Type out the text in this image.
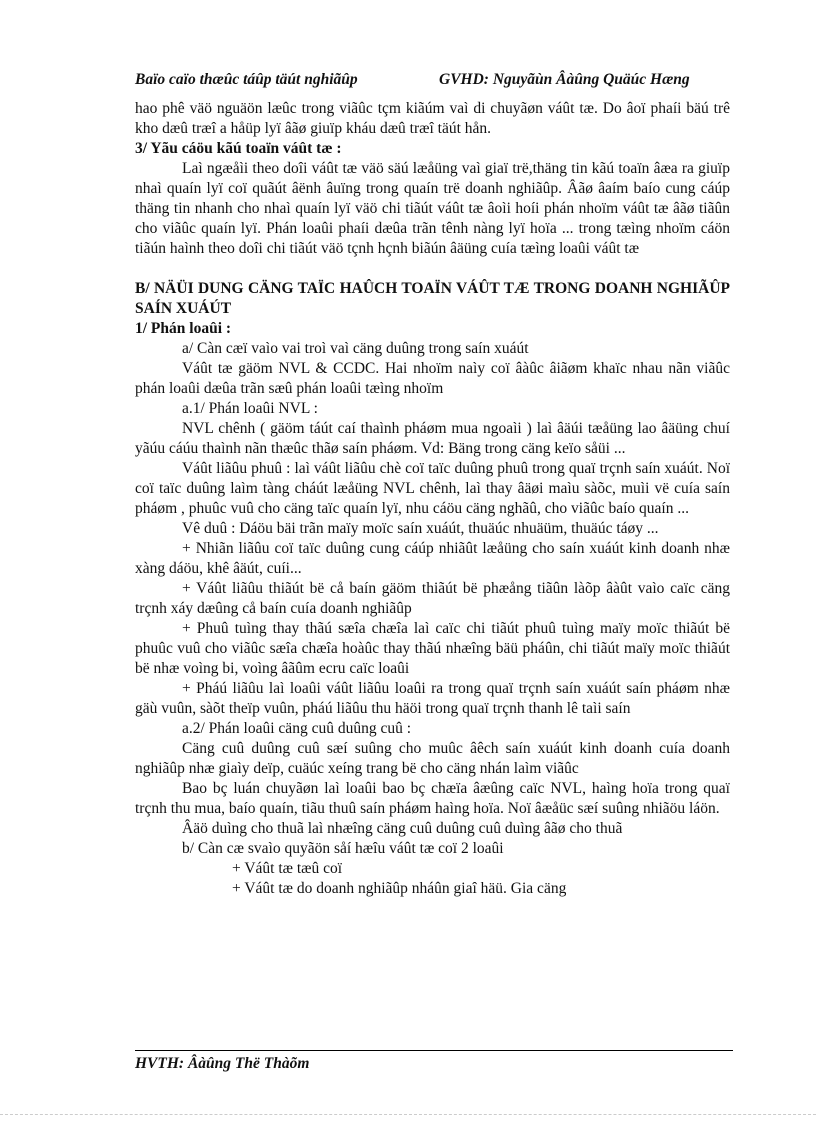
Baïo caïo thæûc táûp täút nghiãûp	GVHD: Nguyãùn Âàûng Quäúc Hæng

hao phê väö nguäön læûc trong viãûc tçm kiãúm vaì di chuyãøn váût tæ. Do âoï phaíi bäú trê kho dæû træî a håüp lyï âãø giuïp kháu dæû træî täút hån.

3/ Yãu cáöu kãú toaïn váût tæ :

Laì ngæåìi theo doîi váût tæ väö säú læåüng vaì giaï trë,thäng tin kãú toaïn âæa ra giuïp nhaì quaín lyï coï quãút âënh âuïng trong quaín trë doanh nghiãûp. Âãø âaím baío cung cáúp thäng tin nhanh cho nhaì quaín lyï väö chi tiãút váût tæ âoìi hoíi phán nhoïm váût tæ âãø tiãûn cho viãûc quaín lyï. Phán loaûi phaíi dæûa trãn tênh nàng lyï hoïa ... trong tæìng nhoïm cáön tiãún haình theo doîi chi tiãút väö tçnh hçnh biãún âäüng cuía tæìng loaûi váût tæ

B/ NÄÜI DUNG CÄNG TAÏC HAÛCH TOAÏN VÁÛT TÆ TRONG DOANH NGHIÃÛP SAÍN XUÁÚT

1/ Phán loaûi :

a/ Càn cæï vaìo vai troì vaì cäng duûng trong saín xuáút

Váût tæ gäöm NVL & CCDC. Hai nhoïm naìy coï âàûc âiãøm khaïc nhau nãn viãûc phán loaûi dæûa trãn sæû phán loaûi tæìng nhoïm

a.1/ Phán loaûi NVL :

NVL chênh ( gäöm táút caí thaình pháøm mua ngoaìi ) laì âäúi tæåüng lao âäüng chuí yãúu cáúu thaình nãn thæûc thãø saín pháøm. Vd: Bäng trong cäng keïo såüi ...

Váût liãûu phuû : laì váût liãûu chè coï taïc duûng phuû trong quaï trçnh saín xuáút. Noï coï taïc duûng laìm tàng cháút læåüng NVL chênh, laì thay âäøi maìu sàõc, muìi vë cuía saín pháøm , phuûc vuû cho cäng taïc quaín lyï, nhu cáöu cäng nghãû, cho viãûc baío quaín ...

Vê duû : Dáöu bäi trãn maïy moïc saín xuáút, thuäúc nhuäüm, thuäúc táøy ...

+ Nhiãn liãûu coï taïc duûng cung cáúp nhiãût læåüng cho saín xuáút kinh doanh nhæ xàng dáöu, khê âäút, cuíi...

+ Váût liãûu thiãút bë cå baín gäöm thiãút bë phæång tiãûn làõp âàût vaìo caïc cäng trçnh xáy dæûng cå baín cuía doanh nghiãûp

+ Phuû tuìng thay thãú sæîa chæîa laì caïc chi tiãút phuû tuìng maïy moïc thiãút bë phuûc vuû cho viãûc sæîa chæîa hoàûc thay thãú nhæîng bäü pháûn, chi tiãút maïy moïc thiãút bë nhæ voìng bi, voìng âãûm ecru caïc loaûi

+ Pháú liãûu laì loaûi váût liãûu loaûi ra trong quaï trçnh saín xuáút saín pháøm nhæ gäù vuûn, sàõt theïp vuûn, pháú liãûu thu häöi trong quaï trçnh thanh lê taìi saín

a.2/ Phán loaûi cäng cuû duûng cuû :

Cäng cuû duûng cuû sæí suûng cho muûc âêch saín xuáút kinh doanh cuía doanh nghiãûp nhæ giaìy deïp, cuäúc xeíng trang bë cho cäng nhán laìm viãûc

Bao bç luán chuyãøn laì loaûi bao bç chæïa âæûng caïc NVL, haìng hoïa trong quaï trçnh thu mua, baío quaín, tiãu thuû saín pháøm haìng hoïa. Noï âæåüc sæí suûng nhiãöu láön.

Âäö duìng cho thuã laì nhæîng cäng cuû duûng cuû duìng âãø cho thuã

b/ Càn cæ svaìo quyãön såí hæîu váût tæ coï 2 loaûi

+ Váût tæ tæû coï

+ Váût tæ do doanh nghiãûp nháûn giaî häü. Gia cäng

HVTH: Âàûng Thë Thàõm
